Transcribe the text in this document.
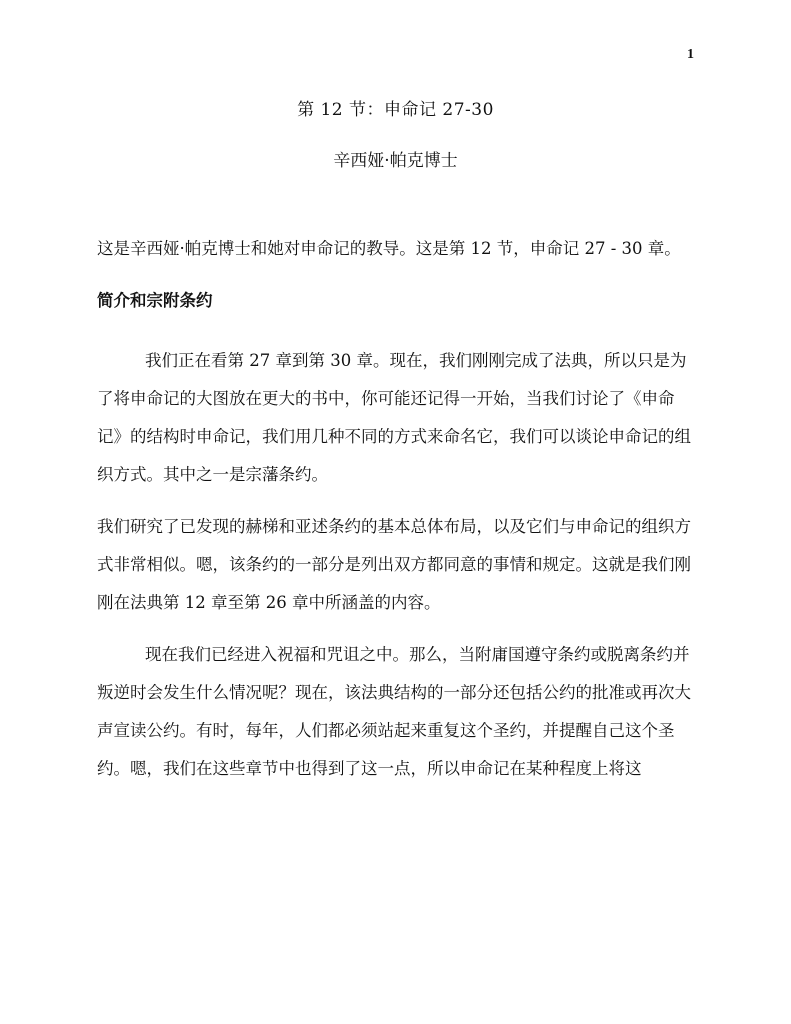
1
第 12 节：申命记 27-30
辛西娅·帕克博士

这是辛西娅·帕克博士和她对申命记的教导。这是第 12 节，申命记 27 - 30 章。

简介和宗附条约

我们正在看第 27 章到第 30 章。现在，我们刚刚完成了法典，所以只是为了将申命记的大图放在更大的书中，你可能还记得一开始，当我们讨论了《申命记》的结构时申命记，我们用几种不同的方式来命名它，我们可以谈论申命记的组织方式。其中之一是宗藩条约。

我们研究了已发现的赫梯和亚述条约的基本总体布局，以及它们与申命记的组织方式非常相似。嗯，该条约的一部分是列出双方都同意的事情和规定。这就是我们刚刚在法典第 12 章至第 26 章中所涵盖的内容。

现在我们已经进入祝福和咒诅之中。那么，当附庸国遵守条约或脱离条约并叛逆时会发生什么情况呢？现在，该法典结构的一部分还包括公约的批准或再次大声宣读公约。有时，每年，人们都必须站起来重复这个圣约，并提醒自己这个圣约。嗯，我们在这些章节中也得到了这一点，所以申命记在某种程度上将这
